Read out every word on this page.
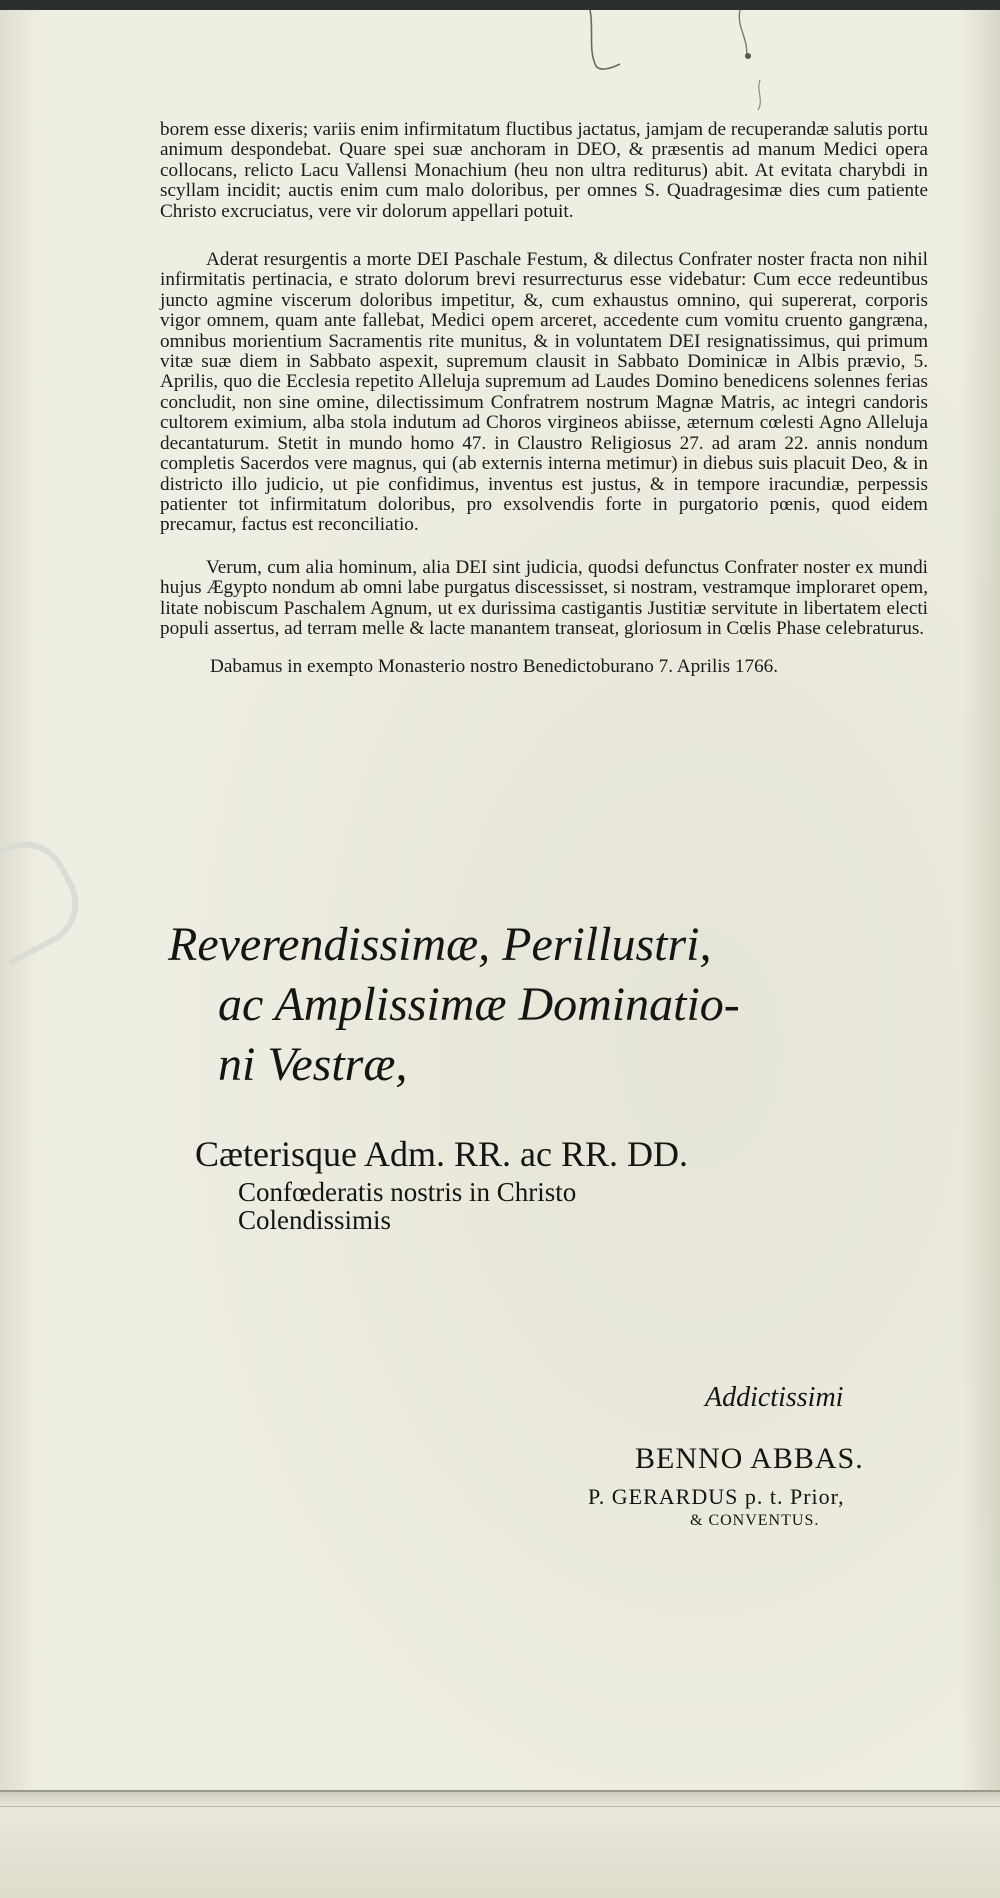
borem esse dixeris; variis enim infirmitatum fluctibus jactatus, jamjam de recuperandæ salutis portu animum despondebat. Quare spei suæ anchoram in DEO, & præsentis ad manum Medici opera collocans, relicto Lacu Vallensi Monachium (heu non ultra rediturus) abit. At evitata charybdi in scyllam incidit; auctis enim cum malo doloribus, per omnes S. Quadragesimæ dies cum patiente Christo excruciatus, vere vir dolorum appellari potuit.

Aderat resurgentis a morte DEI Paschale Festum, & dilectus Confrater noster fracta non nihil infirmitatis pertinacia, e strato dolorum brevi resurrecturus esse videbatur: Cum ecce redeuntibus juncto agmine viscerum doloribus impetitur, &, cum exhaustus omnino, qui supererat, corporis vigor omnem, quam ante fallebat, Medici opem arceret, accedente cum vomitu cruento gangræna, omnibus morientium Sacramentis rite munitus, & in voluntatem DEI resignatissimus, qui primum vitæ suæ diem in Sabbato aspexit, supremum clausit in Sabbato Dominicæ in Albis prævio, 5. Aprilis, quo die Ecclesia repetito Alleluja supremum ad Laudes Domino benedicens solennes ferias concludit, non sine omine, dilectissimum Confratrem nostrum Magnæ Matris, ac integri candoris cultorem eximium, alba stola indutum ad Choros virgineos abiisse, æternum cœlesti Agno Alleluja decantaturum. Stetit in mundo homo 47. in Claustro Religiosus 27. ad aram 22. annis nondum completis Sacerdos vere magnus, qui (ab externis interna metimur) in diebus suis placuit Deo, & in districto illo judicio, ut pie confidimus, inventus est justus, & in tempore iracundiæ, perpessis patienter tot infirmitatum doloribus, pro exsolvendis forte in purgatorio pœnis, quod eidem precamur, factus est reconciliatio.

Verum, cum alia hominum, alia DEI sint judicia, quodsi defunctus Confrater noster ex mundi hujus Ægypto nondum ab omni labe purgatus discessisset, si nostram, vestramque imploraret opem, litate nobiscum Paschalem Agnum, ut ex durissima castigantis Justitiæ servitute in libertatem electi populi assertus, ad terram melle & lacte manantem transeat, gloriosum in Cœlis Phase celebraturus.

Dabamus in exempto Monasterio nostro Benedictoburano 7. Aprilis 1766.

Reverendissimæ, Perillustri,
ac Amplissimæ Dominatio-
ni Vestræ,
Cæterisque Adm. RR. ac RR. DD.
Confœderatis nostris in Christo
Colendissimis
Addictissimi
BENNO ABBAS.
P. GERARDUS p. t. Prior,
& CONVENTUS.
